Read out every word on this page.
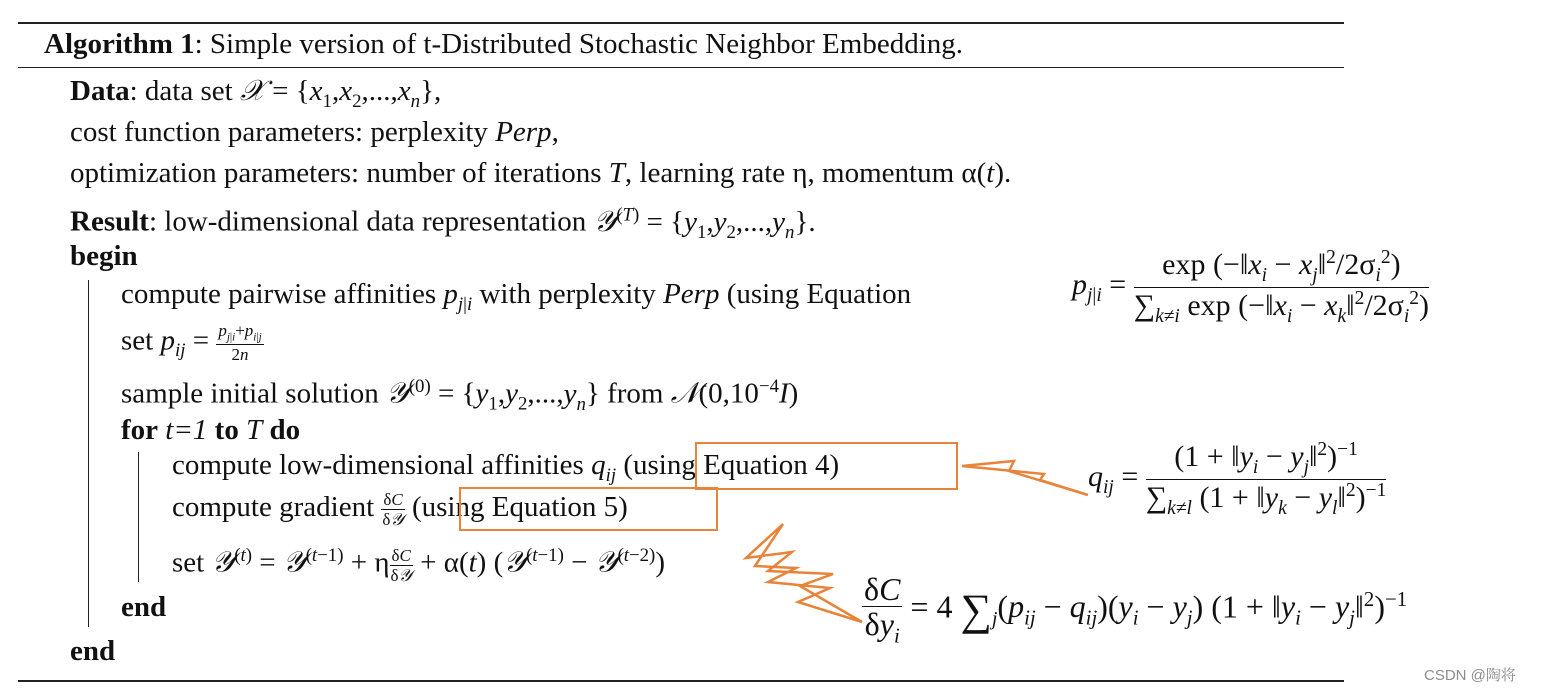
Algorithm 1: Simple version of t-Distributed Stochastic Neighbor Embedding.
Data: data set 𝒳 = $\{x_1,x_2,...,x_n\}$,
cost function parameters: perplexity Perp,
optimization parameters: number of iterations T, learning rate η, momentum α(t).
Result: low-dimensional data representation 𝒴$^{(T)}$ = $\{y_1,y_2,...,y_n\}$.
begin
compute pairwise affinities $p_{j|i}$ with perplexity Perp (using Equation
set $p_{ij} = \frac{p_{j|i}+p_{i|j}}{2n}$
sample initial solution 𝒴$^{(0)}$ = $\{y_1,y_2,...,y_n\}$ from $𝒩(0,10^{-4}I)$
for t=1 to T do
compute low-dimensional affinities $q_{ij}$ (using Equation 4)
compute gradient $\frac{\delta C}{\text{δ𝒴}} (using$ Equation 5)
set 𝒴$^{(t)}$ = 𝒴$^{(t-1)}$ + η $\frac{\delta C}{\text{δ𝒴}} + \alpha(t)$ (𝒴$^{(t-1)}$ − 𝒴$^{(t-2)}$)
end
end
$p_{j|i} = \frac{\exp (-‖x_i - x_j‖^2/2\sigma_i^2)}{\sum_{k\ne i} \exp (-‖x_i - x_k‖^2/2\sigma_i^2)}$
$q_{ij} = \frac{(1 + ‖y_i - y_j‖^2)^{-1}}{\sum_{k\ne l} (1 + ‖y_k - y_l‖^2)^{-1}}$
$\frac{\delta C}{\delta y_i} = 4$ $\sum_j(p_{ij} - q_{ij})(y_i - y_j) (1$ + $‖y_i$ − $y_j‖^2)^{-1}$
CSDN @陶将
